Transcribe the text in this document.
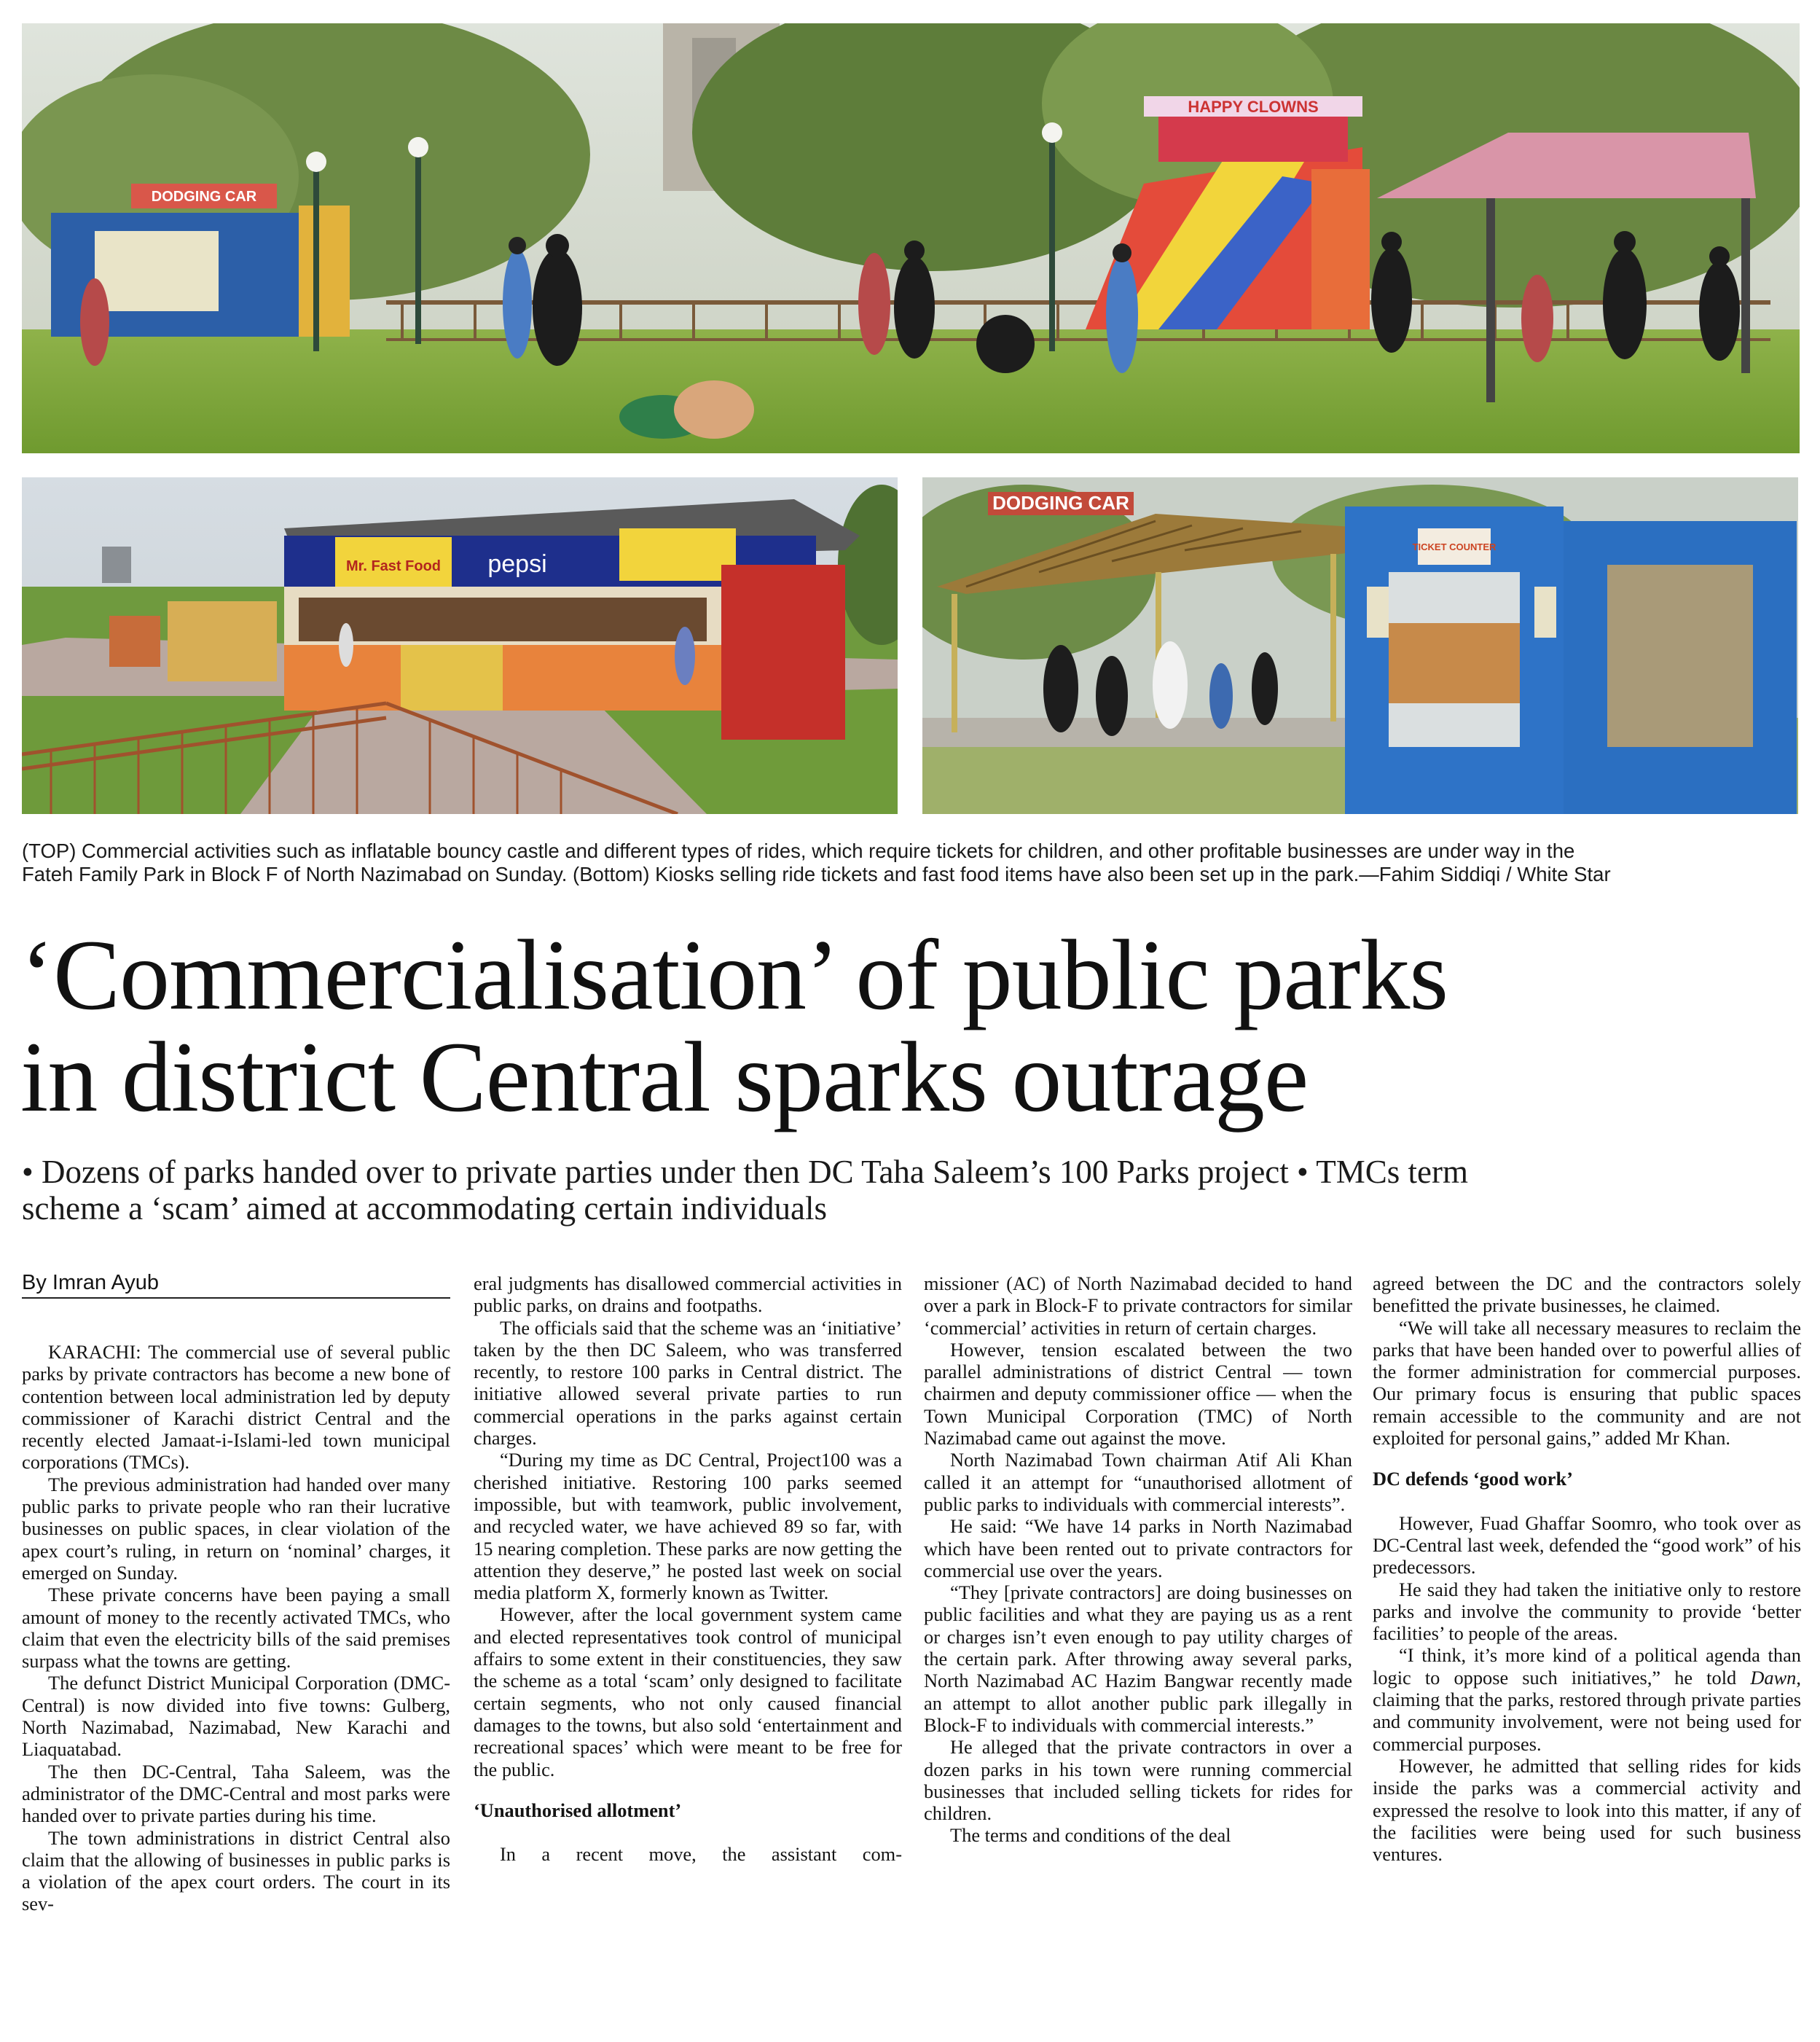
HAPPY CLOWNS
DODGING CAR
Mr. Fast Food pepsi
DODGING CAR
TICKET COUNTER

(TOP) Commercial activities such as inflatable bouncy castle and different types of rides, which require tickets for children, and other profitable businesses are under way in the

Fateh Family Park in Block F of North Nazimabad on Sunday. (Bottom) Kiosks selling ride tickets and fast food items have also been set up in the park.—Fahim Siddiqi / White Star

‘Commercialisation’ of public parks
in district Central sparks outrage
• Dozens of parks handed over to private parties under then DC Taha Saleem’s 100 Parks project • TMCs term
scheme a ‘scam’ aimed at accommodating certain individuals
By Imran Ayub

KARACHI: The commercial use of several public parks by private contractors has become a new bone of contention between local administration led by deputy commissioner of Karachi district Central and the recently elected Jamaat-i-Islami-led town municipal corporations (TMCs).

The previous administration had handed over many public parks to private people who ran their lucrative businesses on public spaces, in clear violation of the apex court’s ruling, in return on ‘nominal’ charges, it emerged on Sunday.

These private concerns have been paying a small amount of money to the recently activated TMCs, who claim that even the electricity bills of the said premises surpass what the towns are getting.

The defunct District Municipal Corporation (DMC-Central) is now divided into five towns: Gulberg, North Nazimabad, Nazimabad, New Karachi and Liaquatabad.

The then DC-Central, Taha Saleem, was the administrator of the DMC-Central and most parks were handed over to private parties during his time.

The town administrations in district Central also claim that the allowing of businesses in public parks is a violation of the apex court orders. The court in its sev-

eral judgments has disallowed commercial activities in public parks, on drains and footpaths.

The officials said that the scheme was an ‘initiative’ taken by the then DC Saleem, who was transferred recently, to restore 100 parks in Central district. The initiative allowed several private parties to run commercial operations in the parks against certain charges.

“During my time as DC Central, Project100 was a cherished initiative. Restoring 100 parks seemed impossible, but with teamwork, public involvement, and recycled water, we have achieved 89 so far, with 15 nearing completion. These parks are now getting the attention they deserve,” he posted last week on social media platform X, formerly known as Twitter.

However, after the local government system came and elected representatives took control of municipal affairs to some extent in their constituencies, they saw the scheme as a total ‘scam’ only designed to facilitate certain segments, who not only caused financial damages to the towns, but also sold ‘entertainment and recreational spaces’ which were meant to be free for the public.

‘Unauthorised allotment’

In a recent move, the assistant com-

missioner (AC) of North Nazimabad decided to hand over a park in Block-F to private contractors for similar ‘commercial’ activities in return of certain charges.

However, tension escalated between the two parallel administrations of district Central — town chairmen and deputy commissioner office — when the Town Municipal Corporation (TMC) of North Nazimabad came out against the move.

North Nazimabad Town chairman Atif Ali Khan called it an attempt for “unauthorised allotment of public parks to individuals with commercial interests”.

He said: “We have 14 parks in North Nazimabad which have been rented out to private contractors for commercial use over the years.

“They [private contractors] are doing businesses on public facilities and what they are paying us as a rent or charges isn’t even enough to pay utility charges of the certain park. After throwing away several parks, North Nazimabad AC Hazim Bangwar recently made an attempt to allot another public park illegally in Block-F to individuals with commercial interests.”

He alleged that the private contractors in over a dozen parks in his town were running commercial businesses that included selling tickets for rides for children.

The terms and conditions of the deal

agreed between the DC and the contractors solely benefitted the private businesses, he claimed.

“We will take all necessary measures to reclaim the parks that have been handed over to powerful allies of the former administration for commercial purposes. Our primary focus is ensuring that public spaces remain accessible to the community and are not exploited for personal gains,” added Mr Khan.

DC defends ‘good work’

However, Fuad Ghaffar Soomro, who took over as DC-Central last week, defended the “good work” of his predecessors.

He said they had taken the initiative only to restore parks and involve the community to provide ‘better facilities’ to people of the areas.

“I think, it’s more kind of a political agenda than logic to oppose such initiatives,” he told Dawn, claiming that the parks, restored through private parties and community involvement, were not being used for commercial purposes.

However, he admitted that selling rides for kids inside the parks was a commercial activity and expressed the resolve to look into this matter, if any of the facilities were being used for such business ventures.
